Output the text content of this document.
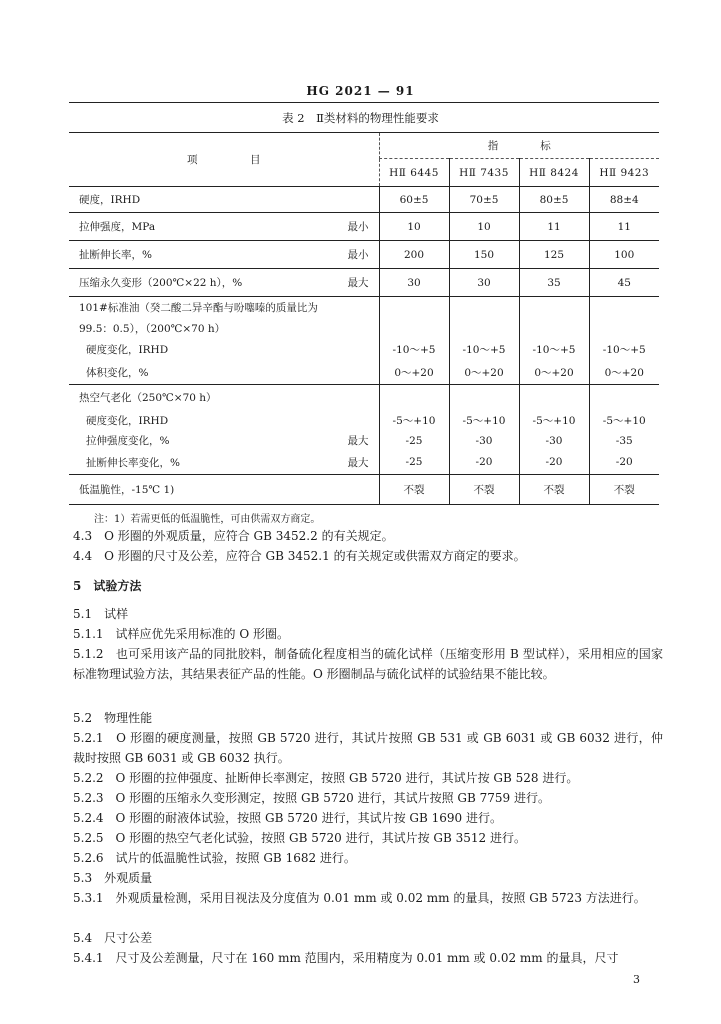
HG 2021 — 91
表 2　Ⅱ类材料的物理性能要求
项　　　　　目		指　　　　标			
		HⅡ 6445	HⅡ 7435	HⅡ 8424	HⅡ 9423
硬度，IRHD		60±5	70±5	80±5	88±4
拉伸强度，MPa	最小	10	10	11	11
扯断伸长率，%	最小	200	150	125	100
压缩永久变形（200℃×22 h），%	最大	30	30	35	45
101#标准油（癸二酸二异辛酯与吩噻嗪的质量比为					
99.5：0.5），（200℃×70 h）					
硬度变化，IRHD		-10～+5	-10～+5	-10～+5	-10～+5
体积变化，%		0～+20	0～+20	0～+20	0～+20
热空气老化（250℃×70 h）					
硬度变化，IRHD		-5～+10	-5～+10	-5～+10	-5～+10
拉伸强度变化，%	最大	-25	-30	-30	-35
扯断伸长率变化，%	最大	-25	-20	-20	-20
低温脆性，-15℃ 1)		不裂	不裂	不裂	不裂
注：1）若需更低的低温脆性，可由供需双方商定。
4.3　O 形圈的外观质量，应符合 GB 3452.2 的有关规定。
4.4　O 形圈的尺寸及公差，应符合 GB 3452.1 的有关规定或供需双方商定的要求。
5　试验方法
5.1　试样
5.1.1　试样应优先采用标准的 O 形圈。
5.1.2　也可采用该产品的同批胶料，制备硫化程度相当的硫化试样（压缩变形用 B 型试样），采用相应的国家标准物理试验方法，其结果表征产品的性能。O 形圈制品与硫化试样的试验结果不能比较。
5.2　物理性能
5.2.1　O 形圈的硬度测量，按照 GB 5720 进行，其试片按照 GB 531 或 GB 6031 或 GB 6032 进行，仲裁时按照 GB 6031 或 GB 6032 执行。
5.2.2　O 形圈的拉伸强度、扯断伸长率测定，按照 GB 5720 进行，其试片按 GB 528 进行。
5.2.3　O 形圈的压缩永久变形测定，按照 GB 5720 进行，其试片按照 GB 7759 进行。
5.2.4　O 形圈的耐液体试验，按照 GB 5720 进行，其试片按 GB 1690 进行。
5.2.5　O 形圈的热空气老化试验，按照 GB 5720 进行，其试片按 GB 3512 进行。
5.2.6　试片的低温脆性试验，按照 GB 1682 进行。
5.3　外观质量
5.3.1　外观质量检测，采用目视法及分度值为 0.01 mm 或 0.02 mm 的量具，按照 GB 5723 方法进行。
5.4　尺寸公差
5.4.1　尺寸及公差测量，尺寸在 160 mm 范围内，采用精度为 0.01 mm 或 0.02 mm 的量具，尺寸
3
